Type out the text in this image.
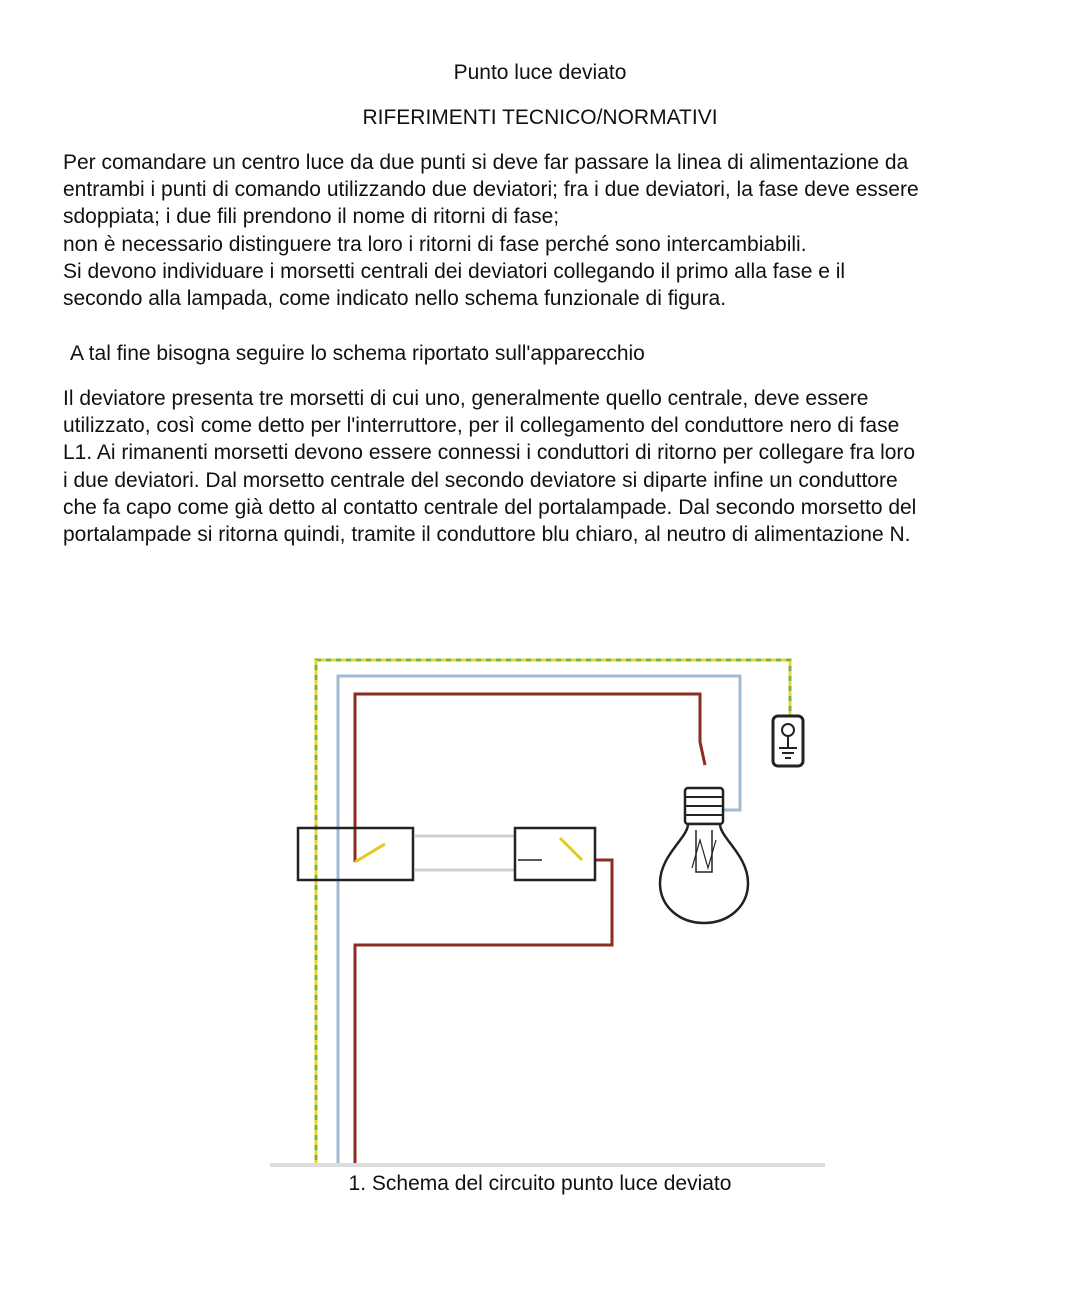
Punto luce deviato
RIFERIMENTI TECNICO/NORMATIVI
Per comandare un centro luce da due punti si deve far passare la linea di alimentazione da
entrambi i punti di comando utilizzando due deviatori; fra i due deviatori, la fase deve essere
sdoppiata; i due fili prendono il nome di ritorni di fase;
non è necessario distinguere tra loro i ritorni di fase perché sono intercambiabili.
Si devono individuare i morsetti centrali dei deviatori collegando il primo alla fase e il
secondo alla lampada, come indicato nello schema funzionale di figura.
A tal fine bisogna seguire lo schema riportato sull'apparecchio
Il deviatore presenta tre morsetti di cui uno, generalmente quello centrale, deve essere
utilizzato, così come detto per l'interruttore, per il collegamento del conduttore nero di fase
L1. Ai rimanenti morsetti devono essere connessi i conduttori di ritorno per collegare fra loro
i due deviatori. Dal morsetto centrale del secondo deviatore si diparte infine un conduttore
che fa capo come già detto al contatto centrale del portalampade. Dal secondo morsetto del
portalampade si ritorna quindi, tramite il conduttore blu chiaro, al neutro di alimentazione N.
1. Schema del circuito punto luce deviato
